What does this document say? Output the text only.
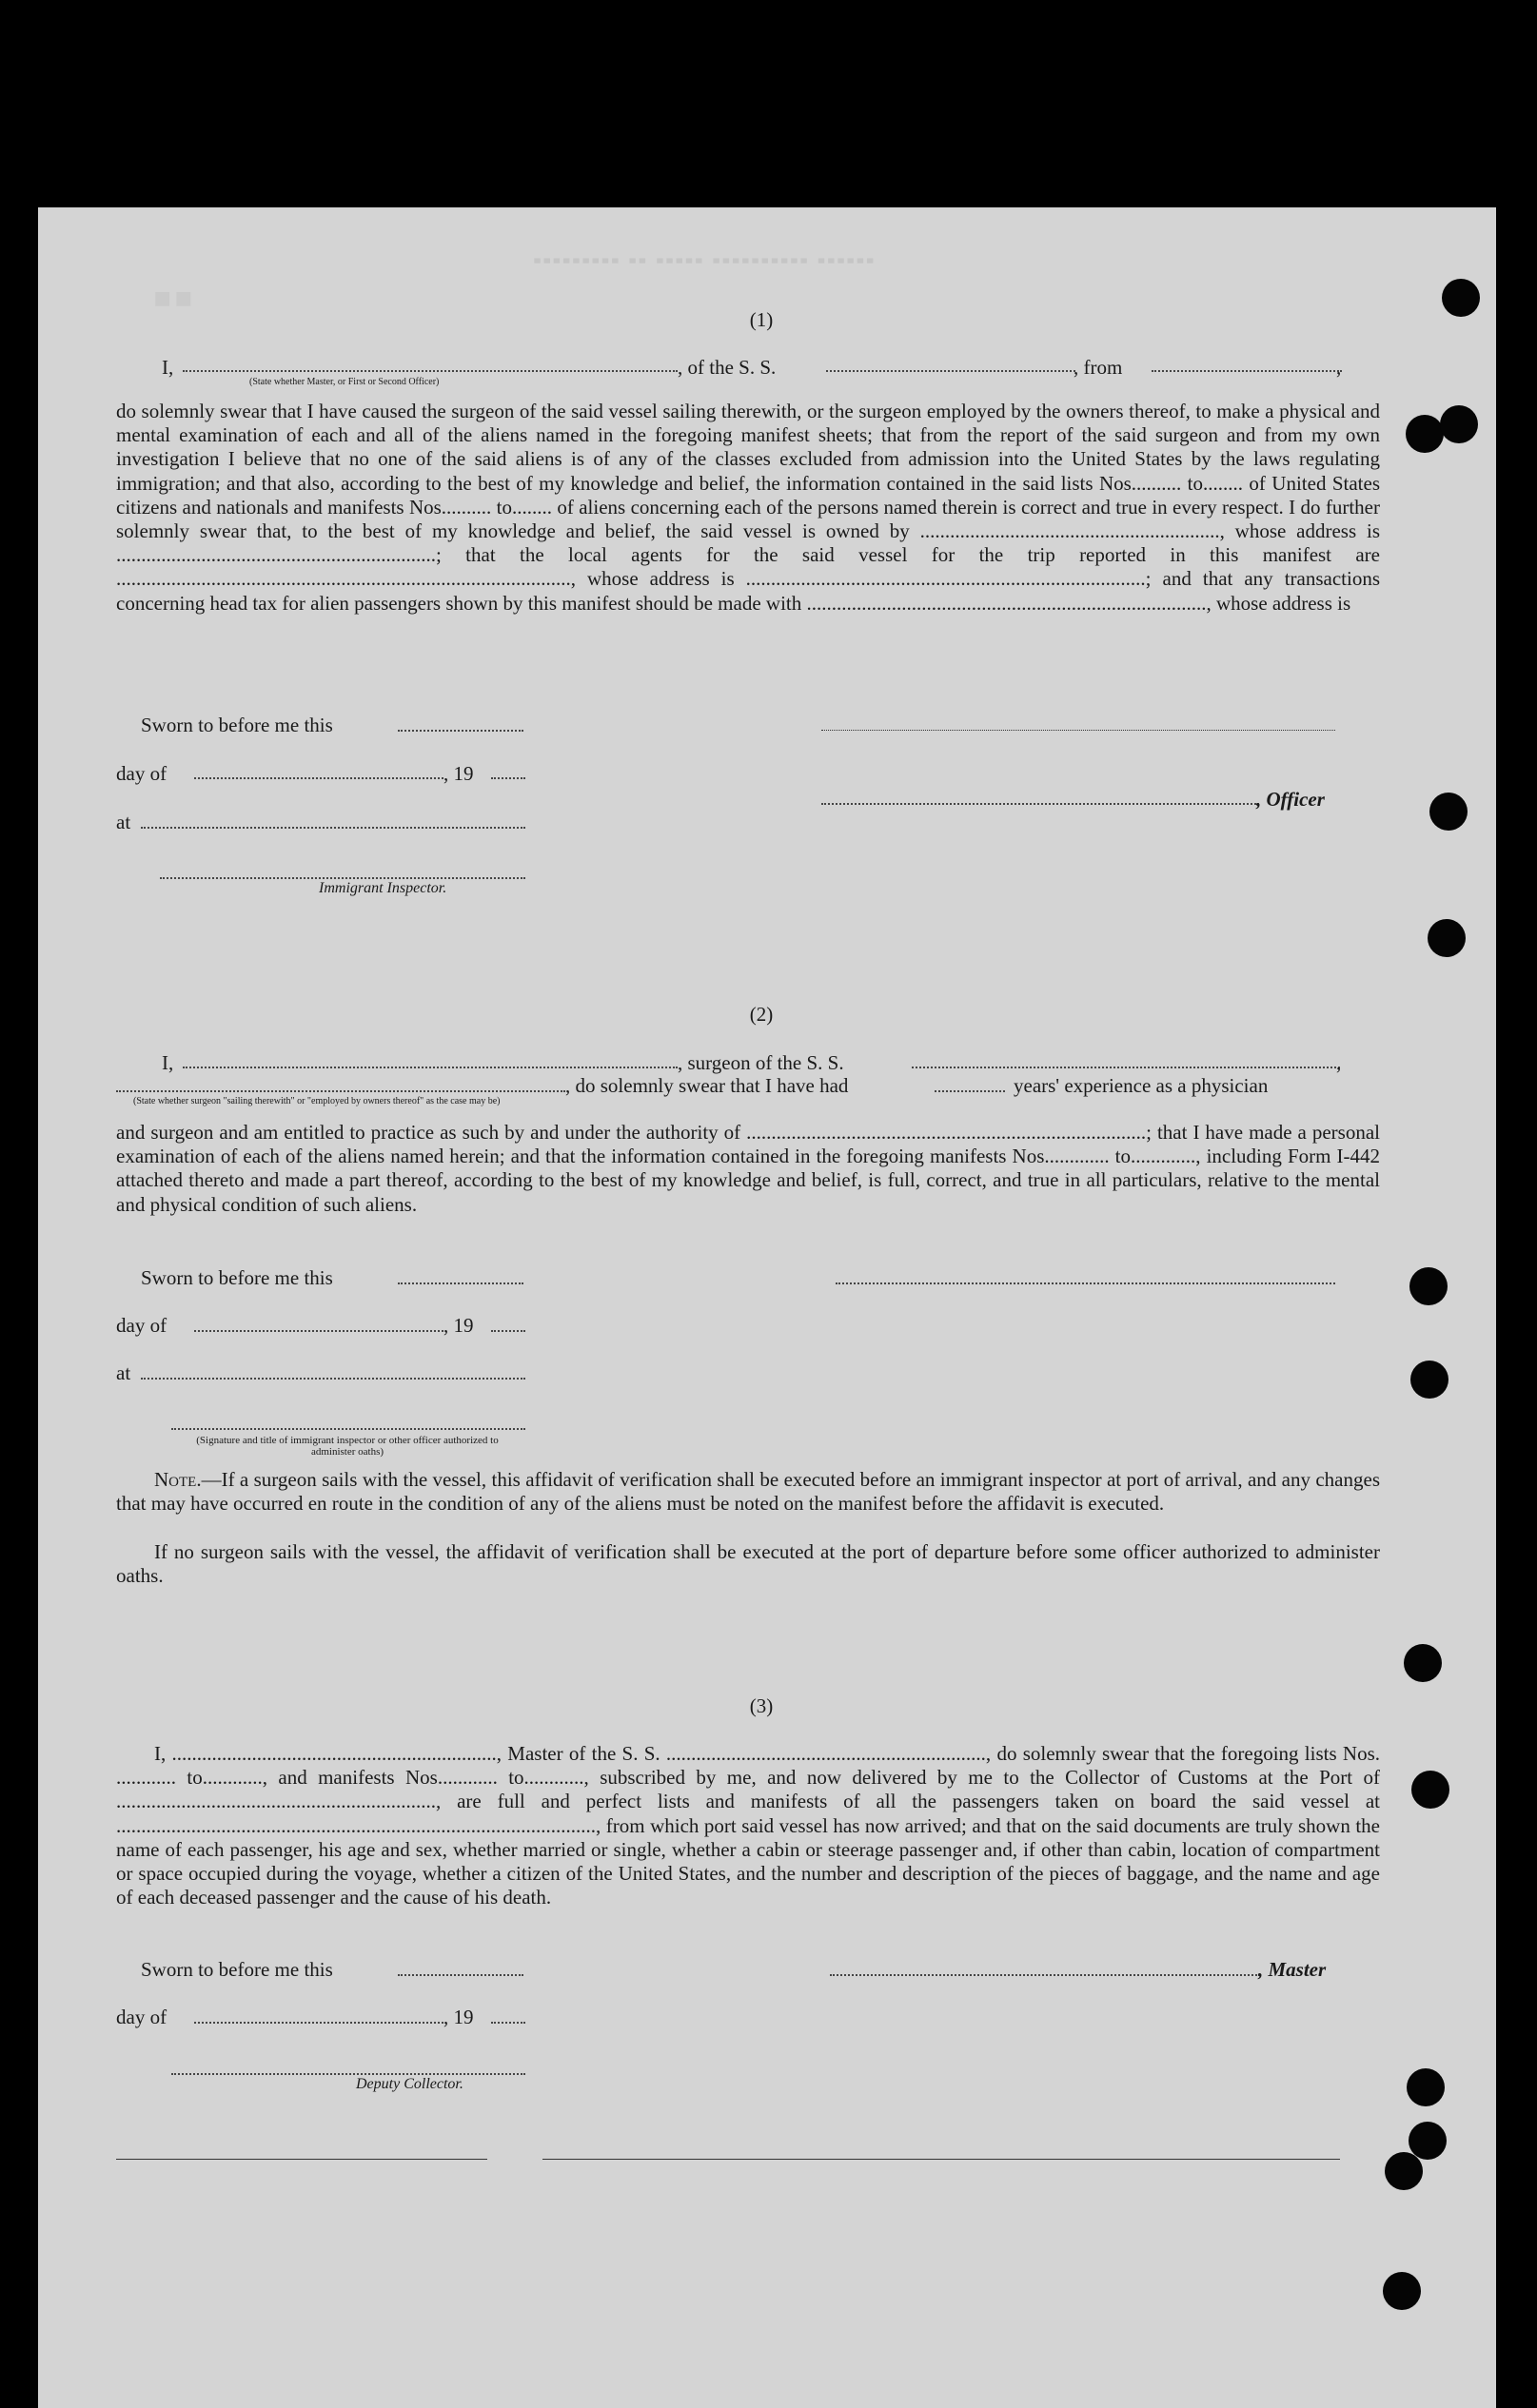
▪▪▪▪▪▪▪▪▪ ▪▪ ▪▪▪▪▪ ▪▪▪▪▪▪▪▪▪▪ ▪▪▪▪▪▪
▪▪	(1)
I,	, of the S. S.	, from	,
(State whether Master, or First or Second Officer)
do solemnly swear that I have caused the surgeon of the said vessel sailing therewith, or the surgeon employed by the owners thereof, to make a physical and mental examination of each and all of the aliens named in the foregoing manifest sheets; that from the report of the said surgeon and from my own investigation I believe that no one of the said aliens is of any of the classes excluded from admission into the United States by the laws regulating immigration; and that also, according to the best of my knowledge and belief, the information contained in the said lists Nos.......... to........ of United States citizens and nationals and manifests Nos.......... to........ of aliens concerning each of the persons named therein is correct and true in every respect. I do further solemnly swear that, to the best of my knowledge and belief, the said vessel is owned by ............................................................, whose address is ................................................................; that the local agents for the said vessel for the trip reported in this manifest are ..........................................................................................., whose address is ................................................................................; and that any transactions concerning head tax for alien passengers shown by this manifest should be made with ................................................................................, whose address is
Sworn to before me this
day of	, 19
, Officer
at
Immigrant Inspector.
(2)
I,	, surgeon of the S. S.	,
, do solemnly swear that I have had	years' experience as a physician
(State whether surgeon "sailing therewith" or "employed by owners thereof" as the case may be)
and surgeon and am entitled to practice as such by and under the authority of ................................................................................; that I have made a personal examination of each of the aliens named herein; and that the information contained in the foregoing manifests Nos............. to............., including Form I-442 attached thereto and made a part thereof, according to the best of my knowledge and belief, is full, correct, and true in all particulars, relative to the mental and physical condition of such aliens.
Sworn to before me this
day of	, 19
at
(Signature and title of immigrant inspector or other officer authorized to administer oaths)
Note.—If a surgeon sails with the vessel, this affidavit of verification shall be executed before an immigrant inspector at port of arrival, and any changes that may have occurred en route in the condition of any of the aliens must be noted on the manifest before the affidavit is executed.
If no surgeon sails with the vessel, the affidavit of verification shall be executed at the port of departure before some officer authorized to administer oaths.
(3)
I, ................................................................., Master of the S. S. ................................................................, do solemnly swear that the foregoing lists Nos. ............ to............, and manifests Nos............ to............, subscribed by me, and now delivered by me to the Collector of Customs at the Port of ................................................................, are full and perfect lists and manifests of all the passengers taken on board the said vessel at ................................................................................................, from which port said vessel has now arrived; and that on the said documents are truly shown the name of each passenger, his age and sex, whether married or single, whether a cabin or steerage passenger and, if other than cabin, location of compartment or space occupied during the voyage, whether a citizen of the United States, and the number and description of the pieces of baggage, and the name and age of each deceased passenger and the cause of his death.
Sworn to before me this	, Master
day of	, 19
Deputy Collector.
